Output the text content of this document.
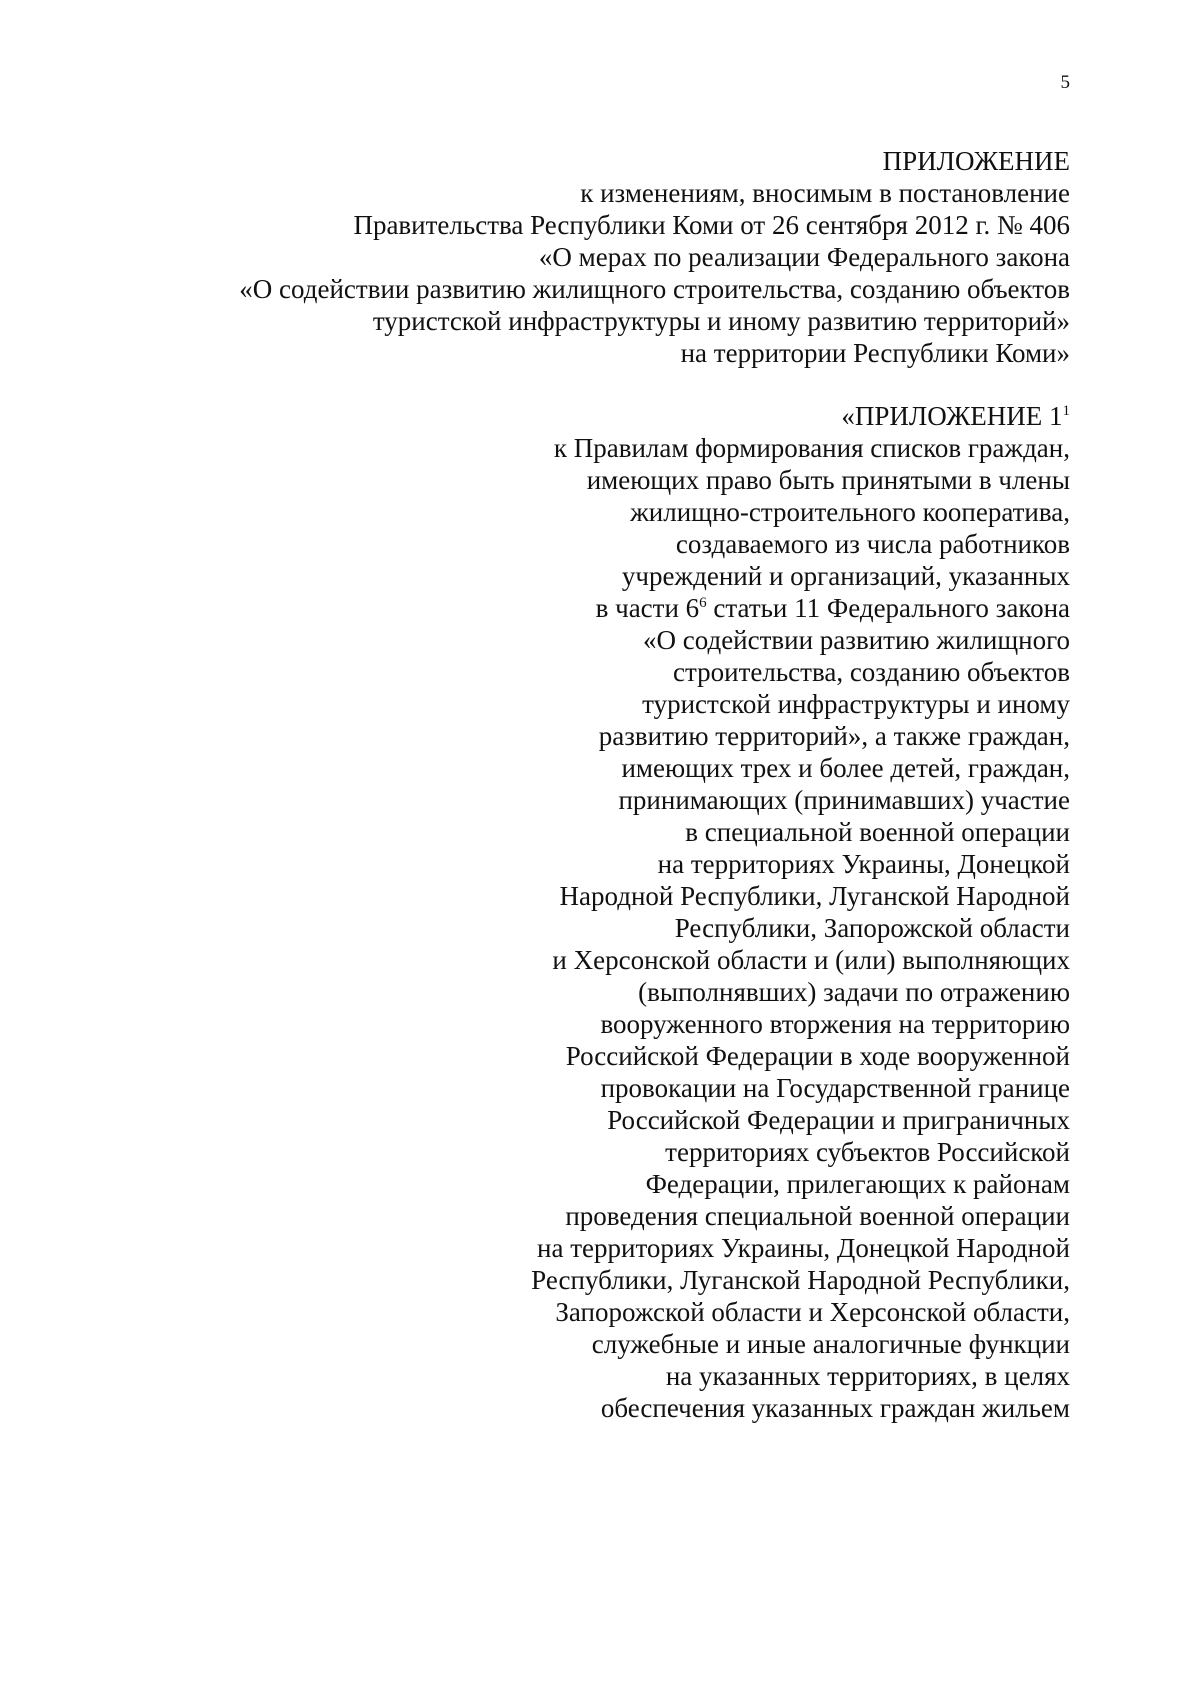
5
ПРИЛОЖЕНИЕ
к изменениям, вносимым в постановление
Правительства Республики Коми от 26 сентября 2012 г. № 406
«О мерах по реализации Федерального закона
«О содействии развитию жилищного строительства, созданию объектов
туристской инфраструктуры и иному развитию территорий»
на территории Республики Коми»
«ПРИЛОЖЕНИЕ $1^1$
к Правилам формирования списков граждан,
имеющих право быть принятыми в члены
жилищно-строительного кооператива,
создаваемого из числа работников
учреждений и организаций, указанных
в части $6^6$ статьи 11 Федерального закона
«О содействии развитию жилищного
строительства, созданию объектов
туристской инфраструктуры и иному
развитию территорий», а также граждан,
имеющих трех и более детей, граждан,
принимающих (принимавших) участие
в специальной военной операции
на территориях Украины, Донецкой
Народной Республики, Луганской Народной
Республики, Запорожской области
и Херсонской области и (или) выполняющих
(выполнявших) задачи по отражению
вооруженного вторжения на территорию
Российской Федерации в ходе вооруженной
провокации на Государственной границе
Российской Федерации и приграничных
территориях субъектов Российской
Федерации, прилегающих к районам
проведения специальной военной операции
на территориях Украины, Донецкой Народной
Республики, Луганской Народной Республики,
Запорожской области и Херсонской области,
служебные и иные аналогичные функции
на указанных территориях, в целях
обеспечения указанных граждан жильем
